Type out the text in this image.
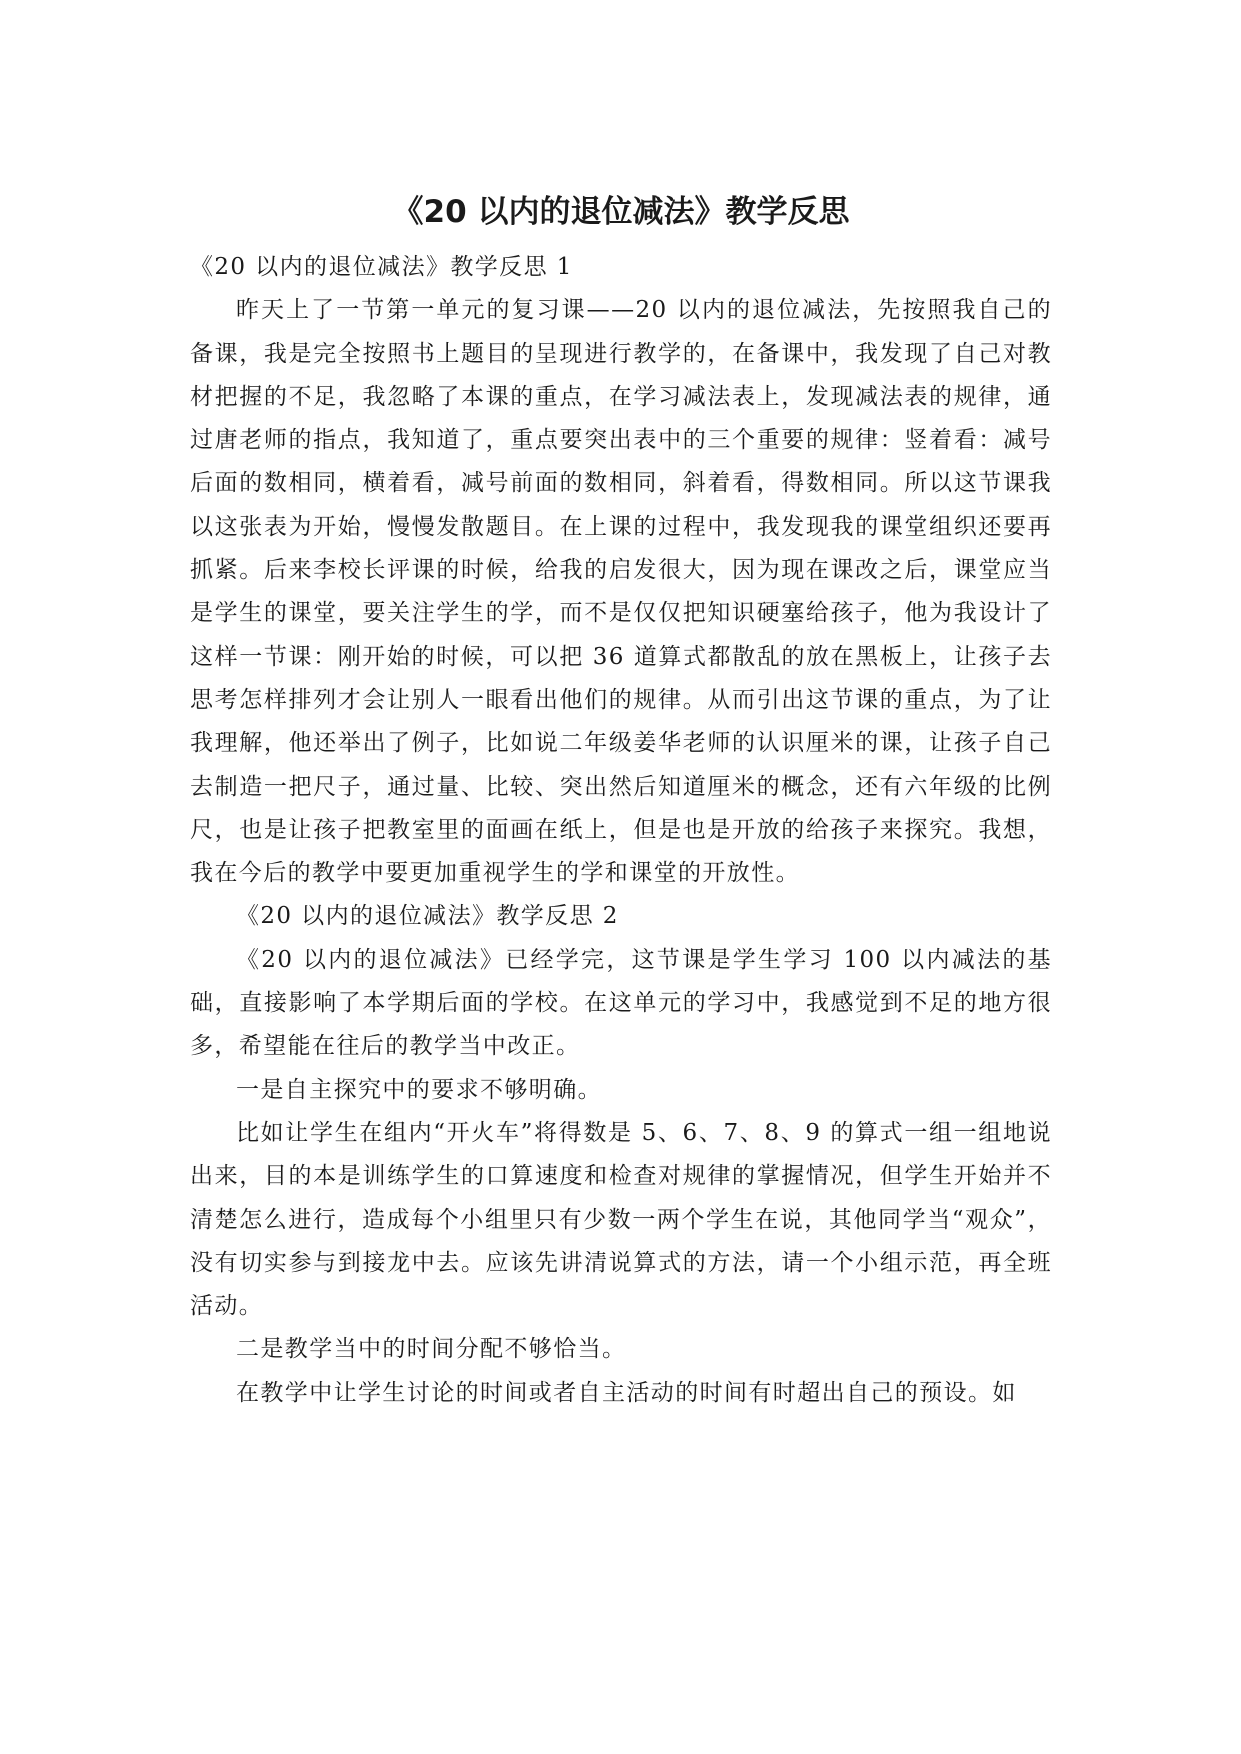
《20 以内的退位减法》教学反思

《20 以内的退位减法》教学反思 1

昨天上了一节第一单元的复习课——20 以内的退位减法，先按照我自己的备课，我是完全按照书上题目的呈现进行教学的，在备课中，我发现了自己对教材把握的不足，我忽略了本课的重点，在学习减法表上，发现减法表的规律，通过唐老师的指点，我知道了，重点要突出表中的三个重要的规律：竖着看：减号后面的数相同，横着看，减号前面的数相同，斜着看，得数相同。所以这节课我以这张表为开始，慢慢发散题目。在上课的过程中，我发现我的课堂组织还要再抓紧。后来李校长评课的时候，给我的启发很大，因为现在课改之后，课堂应当是学生的课堂，要关注学生的学，而不是仅仅把知识硬塞给孩子，他为我设计了这样一节课：刚开始的时候，可以把 36 道算式都散乱的放在黑板上，让孩子去思考怎样排列才会让别人一眼看出他们的规律。从而引出这节课的重点，为了让我理解，他还举出了例子，比如说二年级姜华老师的认识厘米的课，让孩子自己去制造一把尺子，通过量、比较、突出然后知道厘米的概念，还有六年级的比例尺，也是让孩子把教室里的面画在纸上，但是也是开放的给孩子来探究。我想，我在今后的教学中要更加重视学生的学和课堂的开放性。

《20 以内的退位减法》教学反思 2

《20 以内的退位减法》已经学完，这节课是学生学习 100 以内减法的基础，直接影响了本学期后面的学校。在这单元的学习中，我感觉到不足的地方很多，希望能在往后的教学当中改正。

一是自主探究中的要求不够明确。

比如让学生在组内“开火车”将得数是 5、6、7、8、9 的算式一组一组地说出来，目的本是训练学生的口算速度和检查对规律的掌握情况，但学生开始并不清楚怎么进行，造成每个小组里只有少数一两个学生在说，其他同学当“观众”，没有切实参与到接龙中去。应该先讲清说算式的方法，请一个小组示范，再全班活动。

二是教学当中的时间分配不够恰当。

在教学中让学生讨论的时间或者自主活动的时间有时超出自己的预设。如
